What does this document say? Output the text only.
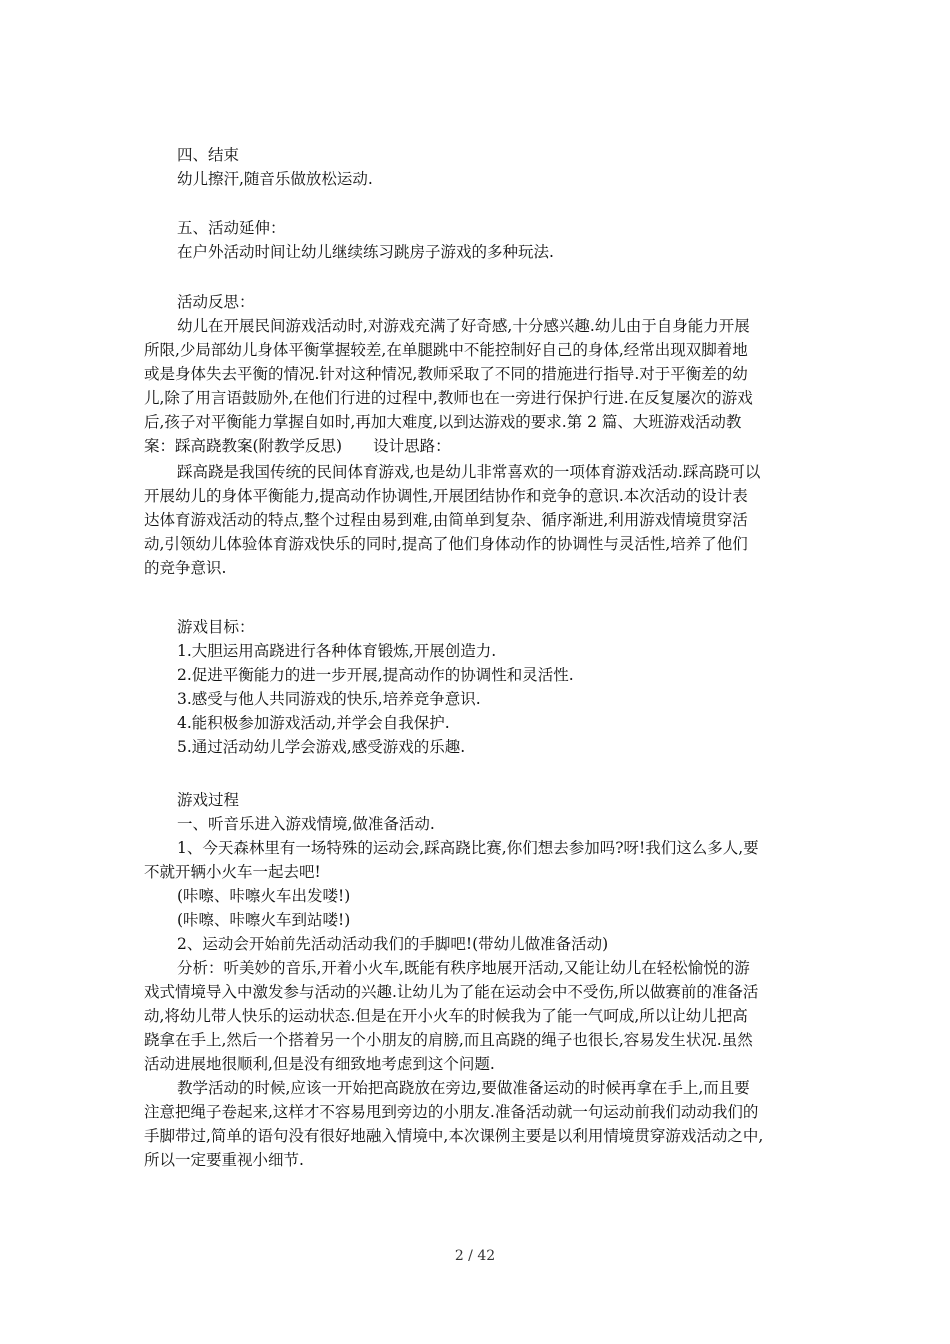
四、结束
幼儿擦汗,随音乐做放松运动.
五、活动延伸：
在户外活动时间让幼儿继续练习跳房子游戏的多种玩法.
活动反思：
幼儿在开展民间游戏活动时,对游戏充满了好奇感,十分感兴趣.幼儿由于自身能力开展
所限,少局部幼儿身体平衡掌握较差,在单腿跳中不能控制好自己的身体,经常出现双脚着地
或是身体失去平衡的情况.针对这种情况,教师采取了不同的措施进行指导.对于平衡差的幼
儿,除了用言语鼓励外,在他们行进的过程中,教师也在一旁进行保护行进.在反复屡次的游戏
后,孩子对平衡能力掌握自如时,再加大难度,以到达游戏的要求.第 2 篇、大班游戏活动教
案：踩高跷教案(附教学反思)　　设计思路：
踩高跷是我国传统的民间体育游戏,也是幼儿非常喜欢的一项体育游戏活动.踩高跷可以
开展幼儿的身体平衡能力,提高动作协调性,开展团结协作和竞争的意识.本次活动的设计表
达体育游戏活动的特点,整个过程由易到难,由简单到复杂、循序渐进,利用游戏情境贯穿活
动,引领幼儿体验体育游戏快乐的同时,提高了他们身体动作的协调性与灵活性,培养了他们
的竞争意识.
游戏目标：
1.大胆运用高跷进行各种体育锻炼,开展创造力.
2.促进平衡能力的进一步开展,提高动作的协调性和灵活性.
3.感受与他人共同游戏的快乐,培养竞争意识.
4.能积极参加游戏活动,并学会自我保护.
5.通过活动幼儿学会游戏,感受游戏的乐趣.
游戏过程
一、听音乐进入游戏情境,做准备活动.
1、今天森林里有一场特殊的运动会,踩高跷比赛,你们想去参加吗?呀!我们这么多人,要
不就开辆小火车一起去吧!
(咔嚓、咔嚓火车出发喽!)
(咔嚓、咔嚓火车到站喽!)
2、运动会开始前先活动活动我们的手脚吧!(带幼儿做准备活动)
分析：听美妙的音乐,开着小火车,既能有秩序地展开活动,又能让幼儿在轻松愉悦的游
戏式情境导入中激发参与活动的兴趣.让幼儿为了能在运动会中不受伤,所以做赛前的准备活
动,将幼儿带人快乐的运动状态.但是在开小火车的时候我为了能一气呵成,所以让幼儿把高
跷拿在手上,然后一个搭着另一个小朋友的肩膀,而且高跷的绳子也很长,容易发生状况.虽然
活动进展地很顺利,但是没有细致地考虑到这个问题.
教学活动的时候,应该一开始把高跷放在旁边,要做准备运动的时候再拿在手上,而且要
注意把绳子卷起来,这样才不容易甩到旁边的小朋友.准备活动就一句运动前我们动动我们的
手脚带过,简单的语句没有很好地融入情境中,本次课例主要是以利用情境贯穿游戏活动之中,
所以一定要重视小细节.
2 / 42
